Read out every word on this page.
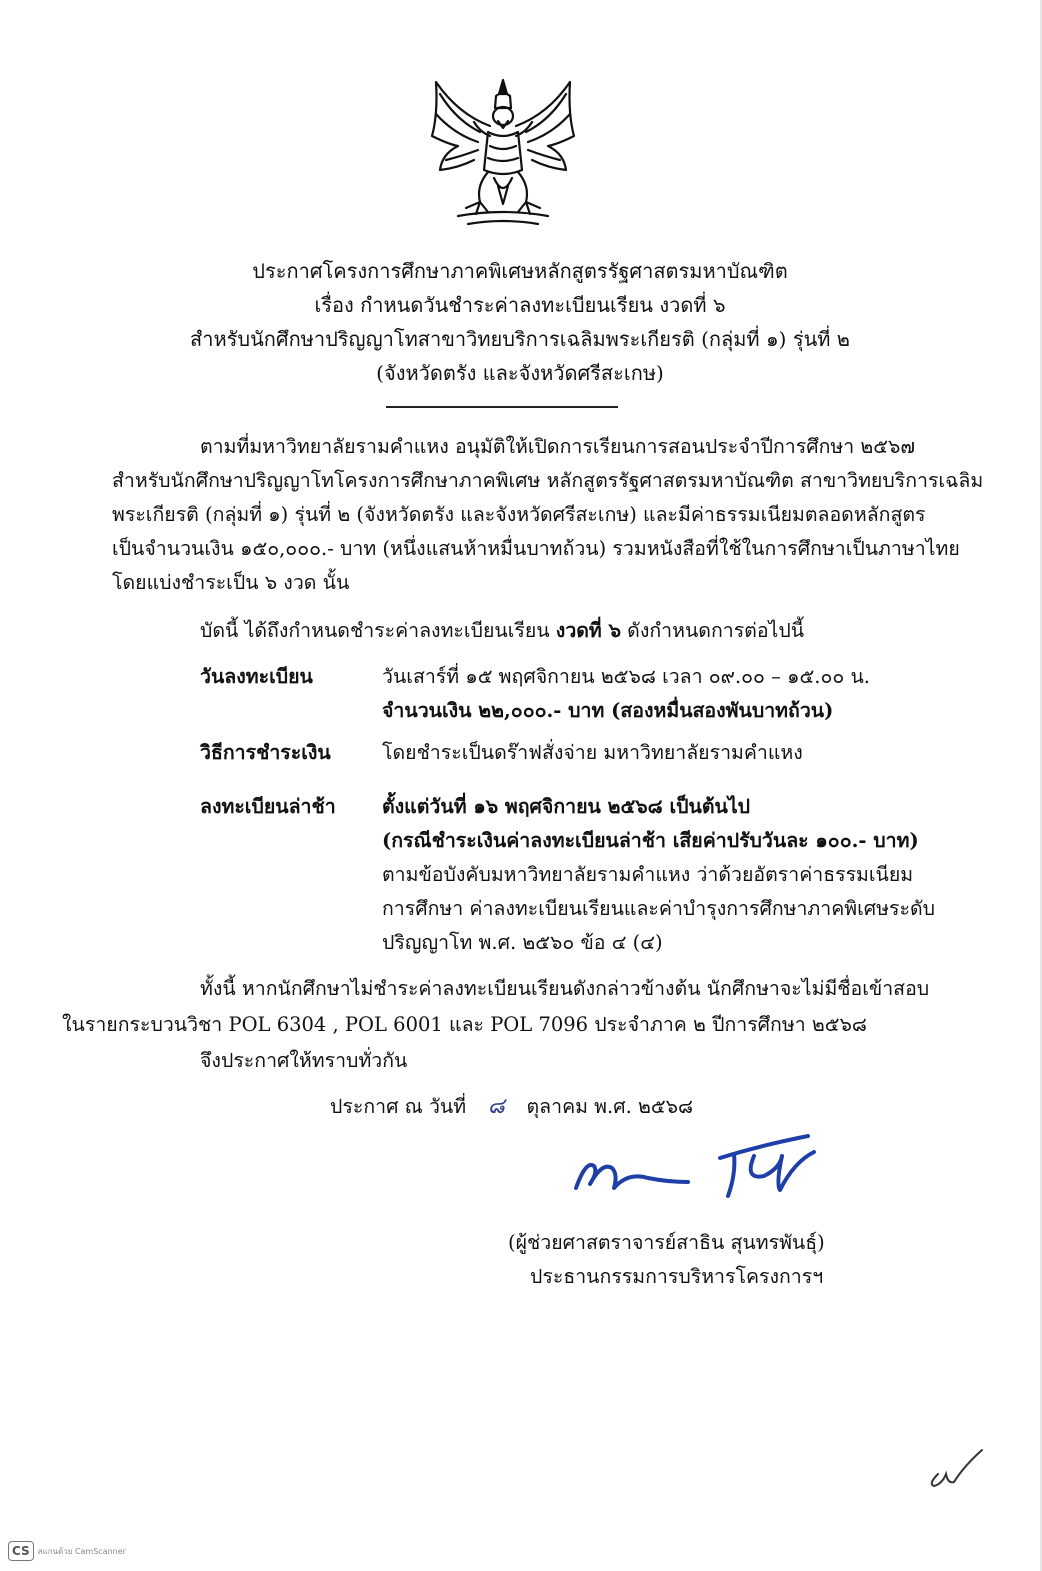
ประกาศโครงการศึกษาภาคพิเศษหลักสูตรรัฐศาสตรมหาบัณฑิต
เรื่อง กำหนดวันชำระค่าลงทะเบียนเรียน งวดที่ ๖
สำหรับนักศึกษาปริญญาโทสาขาวิทยบริการเฉลิมพระเกียรติ (กลุ่มที่ ๑) รุ่นที่ ๒
(จังหวัดตรัง และจังหวัดศรีสะเกษ)
ตามที่มหาวิทยาลัยรามคำแหง อนุมัติให้เปิดการเรียนการสอนประจำปีการศึกษา ๒๕๖๗
สำหรับนักศึกษาปริญญาโทโครงการศึกษาภาคพิเศษ หลักสูตรรัฐศาสตรมหาบัณฑิต สาขาวิทยบริการเฉลิม
พระเกียรติ (กลุ่มที่ ๑) รุ่นที่ ๒ (จังหวัดตรัง และจังหวัดศรีสะเกษ) และมีค่าธรรมเนียมตลอดหลักสูตร
เป็นจำนวนเงิน ๑๕๐,๐๐๐.- บาท (หนึ่งแสนห้าหมื่นบาทถ้วน) รวมหนังสือที่ใช้ในการศึกษาเป็นภาษาไทย
โดยแบ่งชำระเป็น ๖ งวด นั้น
บัดนี้ ได้ถึงกำหนดชำระค่าลงทะเบียนเรียน งวดที่ ๖ ดังกำหนดการต่อไปนี้
วันลงทะเบียน	วันเสาร์ที่ ๑๕ พฤศจิกายน ๒๕๖๘ เวลา ๐๙.๐๐ – ๑๕.๐๐ น.
จำนวนเงิน ๒๒,๐๐๐.- บาท (สองหมื่นสองพันบาทถ้วน)
วิธีการชำระเงิน	โดยชำระเป็นดร๊าฟสั่งจ่าย มหาวิทยาลัยรามคำแหง
ลงทะเบียนล่าช้า ตั้งแต่วันที่ ๑๖ พฤศจิกายน ๒๕๖๘ เป็นต้นไป
(กรณีชำระเงินค่าลงทะเบียนล่าช้า เสียค่าปรับวันละ ๑๐๐.- บาท)
ตามข้อบังคับมหาวิทยาลัยรามคำแหง ว่าด้วยอัตราค่าธรรมเนียม
การศึกษา ค่าลงทะเบียนเรียนและค่าบำรุงการศึกษาภาคพิเศษระดับ
ปริญญาโท พ.ศ. ๒๕๖๐ ข้อ ๔ (๔)
ทั้งนี้ หากนักศึกษาไม่ชำระค่าลงทะเบียนเรียนดังกล่าวข้างต้น นักศึกษาจะไม่มีชื่อเข้าสอบ
ในรายกระบวนวิชา POL 6304 , POL 6001 และ POL 7096 ประจำภาค ๒ ปีการศึกษา ๒๕๖๘
จึงประกาศให้ทราบทั่วกัน
ประกาศ ณ วันที่ ๘ ตุลาคม พ.ศ. ๒๕๖๘
(ผู้ช่วยศาสตราจารย์สาธิน สุนทรพันธุ์)
ประธานกรรมการบริหารโครงการฯ
CS	สแกนด้วย CamScanner
